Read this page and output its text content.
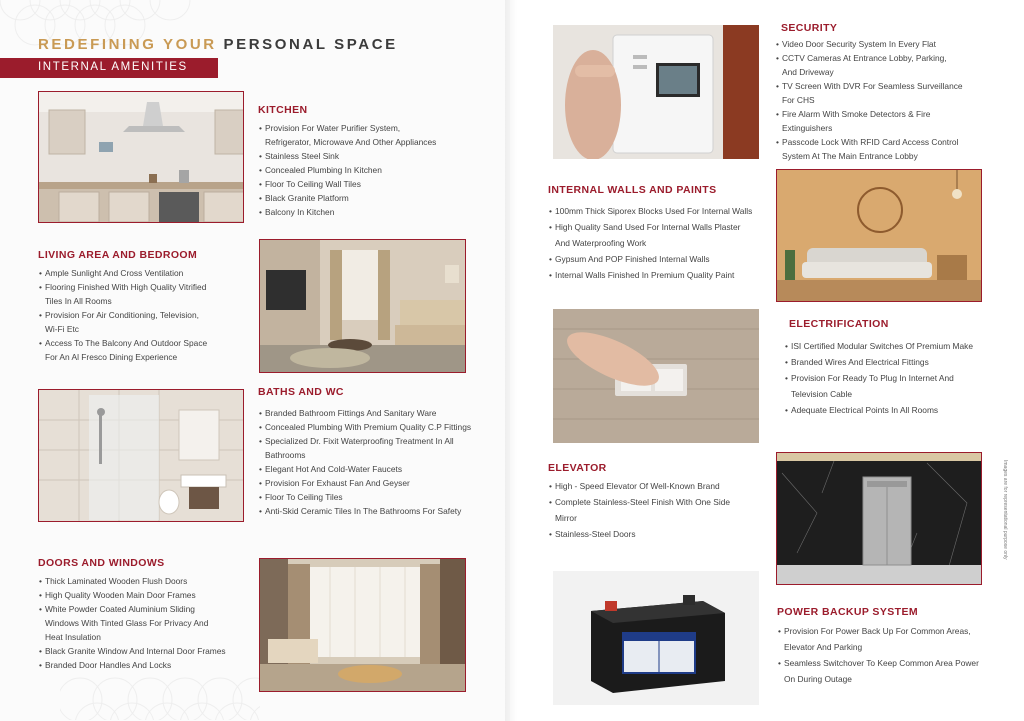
REDEFINING YOUR PERSONAL SPACE
INTERNAL AMENITIES
KITCHEN
• Provision For Water Purifier System,
Refrigerator, Microwave And Other Appliances
• Stainless Steel Sink
• Concealed Plumbing In Kitchen
• Floor To Ceiling Wall Tiles
• Black Granite Platform
• Balcony In Kitchen
LIVING AREA AND BEDROOM
• Ample Sunlight And Cross Ventilation
• Flooring Finished With High Quality Vitrified
Tiles In All Rooms
• Provision For Air Conditioning, Television,
Wi-Fi Etc
• Access To The Balcony And Outdoor Space
For An Al Fresco Dining Experience
BATHS AND WC
• Branded Bathroom Fittings And Sanitary Ware
• Concealed Plumbing With Premium Quality C.P Fittings
• Specialized Dr. Fixit Waterproofing Treatment In All
Bathrooms
• Elegant Hot And Cold-Water Faucets
• Provision For Exhaust Fan And Geyser
• Floor To Ceiling Tiles
• Anti-Skid Ceramic Tiles In The Bathrooms For Safety
DOORS AND WINDOWS
• Thick Laminated Wooden Flush Doors
• High Quality Wooden Main Door Frames
• White Powder Coated Aluminium Sliding
Windows With Tinted Glass For Privacy And
Heat Insulation
• Black Granite Window And Internal Door Frames
• Branded Door Handles And Locks
SECURITY
• Video Door Security System In Every Flat
• CCTV Cameras At Entrance Lobby, Parking,
And Driveway
• TV Screen With DVR For Seamless Surveillance
For CHS
• Fire Alarm With Smoke Detectors & Fire
Extinguishers
• Passcode Lock With RFID Card Access Control
System At The Main Entrance Lobby
INTERNAL WALLS AND PAINTS
• 100mm Thick Siporex Blocks Used For Internal Walls
• High Quality Sand Used For Internal Walls Plaster
And Waterproofing Work
• Gypsum And POP Finished Internal Walls
• Internal Walls Finished In Premium Quality Paint
ELECTRIFICATION
• ISI Certified Modular Switches Of Premium Make
• Branded Wires And Electrical Fittings
• Provision For Ready To Plug In Internet And
Television Cable
• Adequate Electrical Points In All Rooms
ELEVATOR
• High - Speed Elevator Of Well-Known Brand
• Complete Stainless-Steel Finish With One Side
Mirror
• Stainless-Steel Doors
POWER BACKUP SYSTEM
• Provision For Power Back Up For Common Areas,
Elevator And Parking
• Seamless Switchover To Keep Common Area Power
On During Outage
Images are for representational purpose only
